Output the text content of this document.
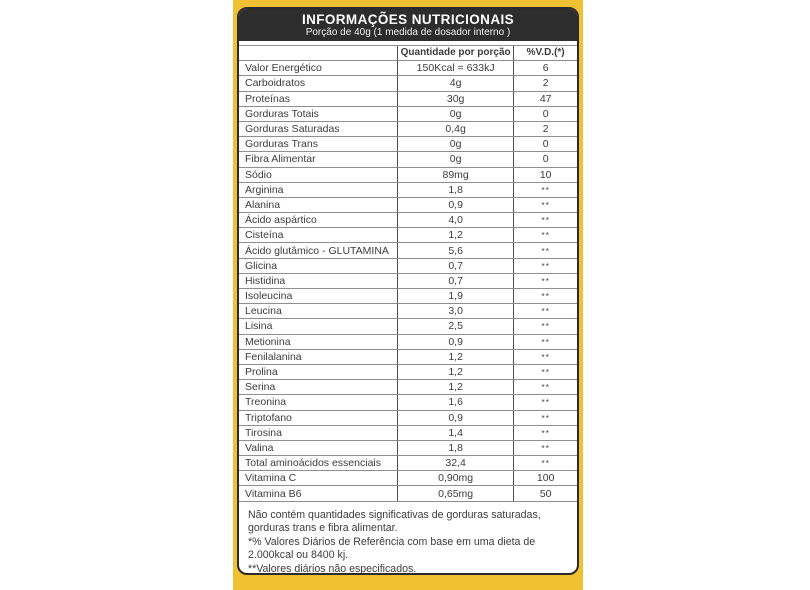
INFORMAÇÕES NUTRICIONAIS
Porção de 40g (1 medida de dosador interno )
	Quantidade por porção	%V.D.(*)
Valor Energético	150Kcal = 633kJ	6
Carboidratos	4g	2
Proteínas	30g	47
Gorduras Totais	0g	0
Gorduras Saturadas	0,4g	2
Gorduras Trans	0g	0
Fibra Alimentar	0g	0
Sódio	89mg	10
Arginina	1,8	**
Alanina	0,9	**
Ácido aspártico	4,0	**
Cisteína	1,2	**
Ácido glutâmico - GLUTAMINA	5,6	**
Glicina	0,7	**
Histidina	0,7	**
Isoleucina	1,9	**
Leucina	3,0	**
Lisina	2,5	**
Metionina	0,9	**
Fenilalanina	1,2	**
Prolina	1,2	**
Serina	1,2	**
Treonina	1,6	**
Triptofano	0,9	**
Tirosina	1,4	**
Valina	1,8	**
Total aminoácidos essenciais	32,4	**
Vitamina C	0,90mg	100
Vitamina B6	0,65mg	50

Não contém quantidades significativas de gorduras saturadas, gorduras trans e fibra alimentar.

*% Valores Diários de Referência com base em uma dieta de 2.000kcal ou 8400 kj.

**Valores diários não especificados.
